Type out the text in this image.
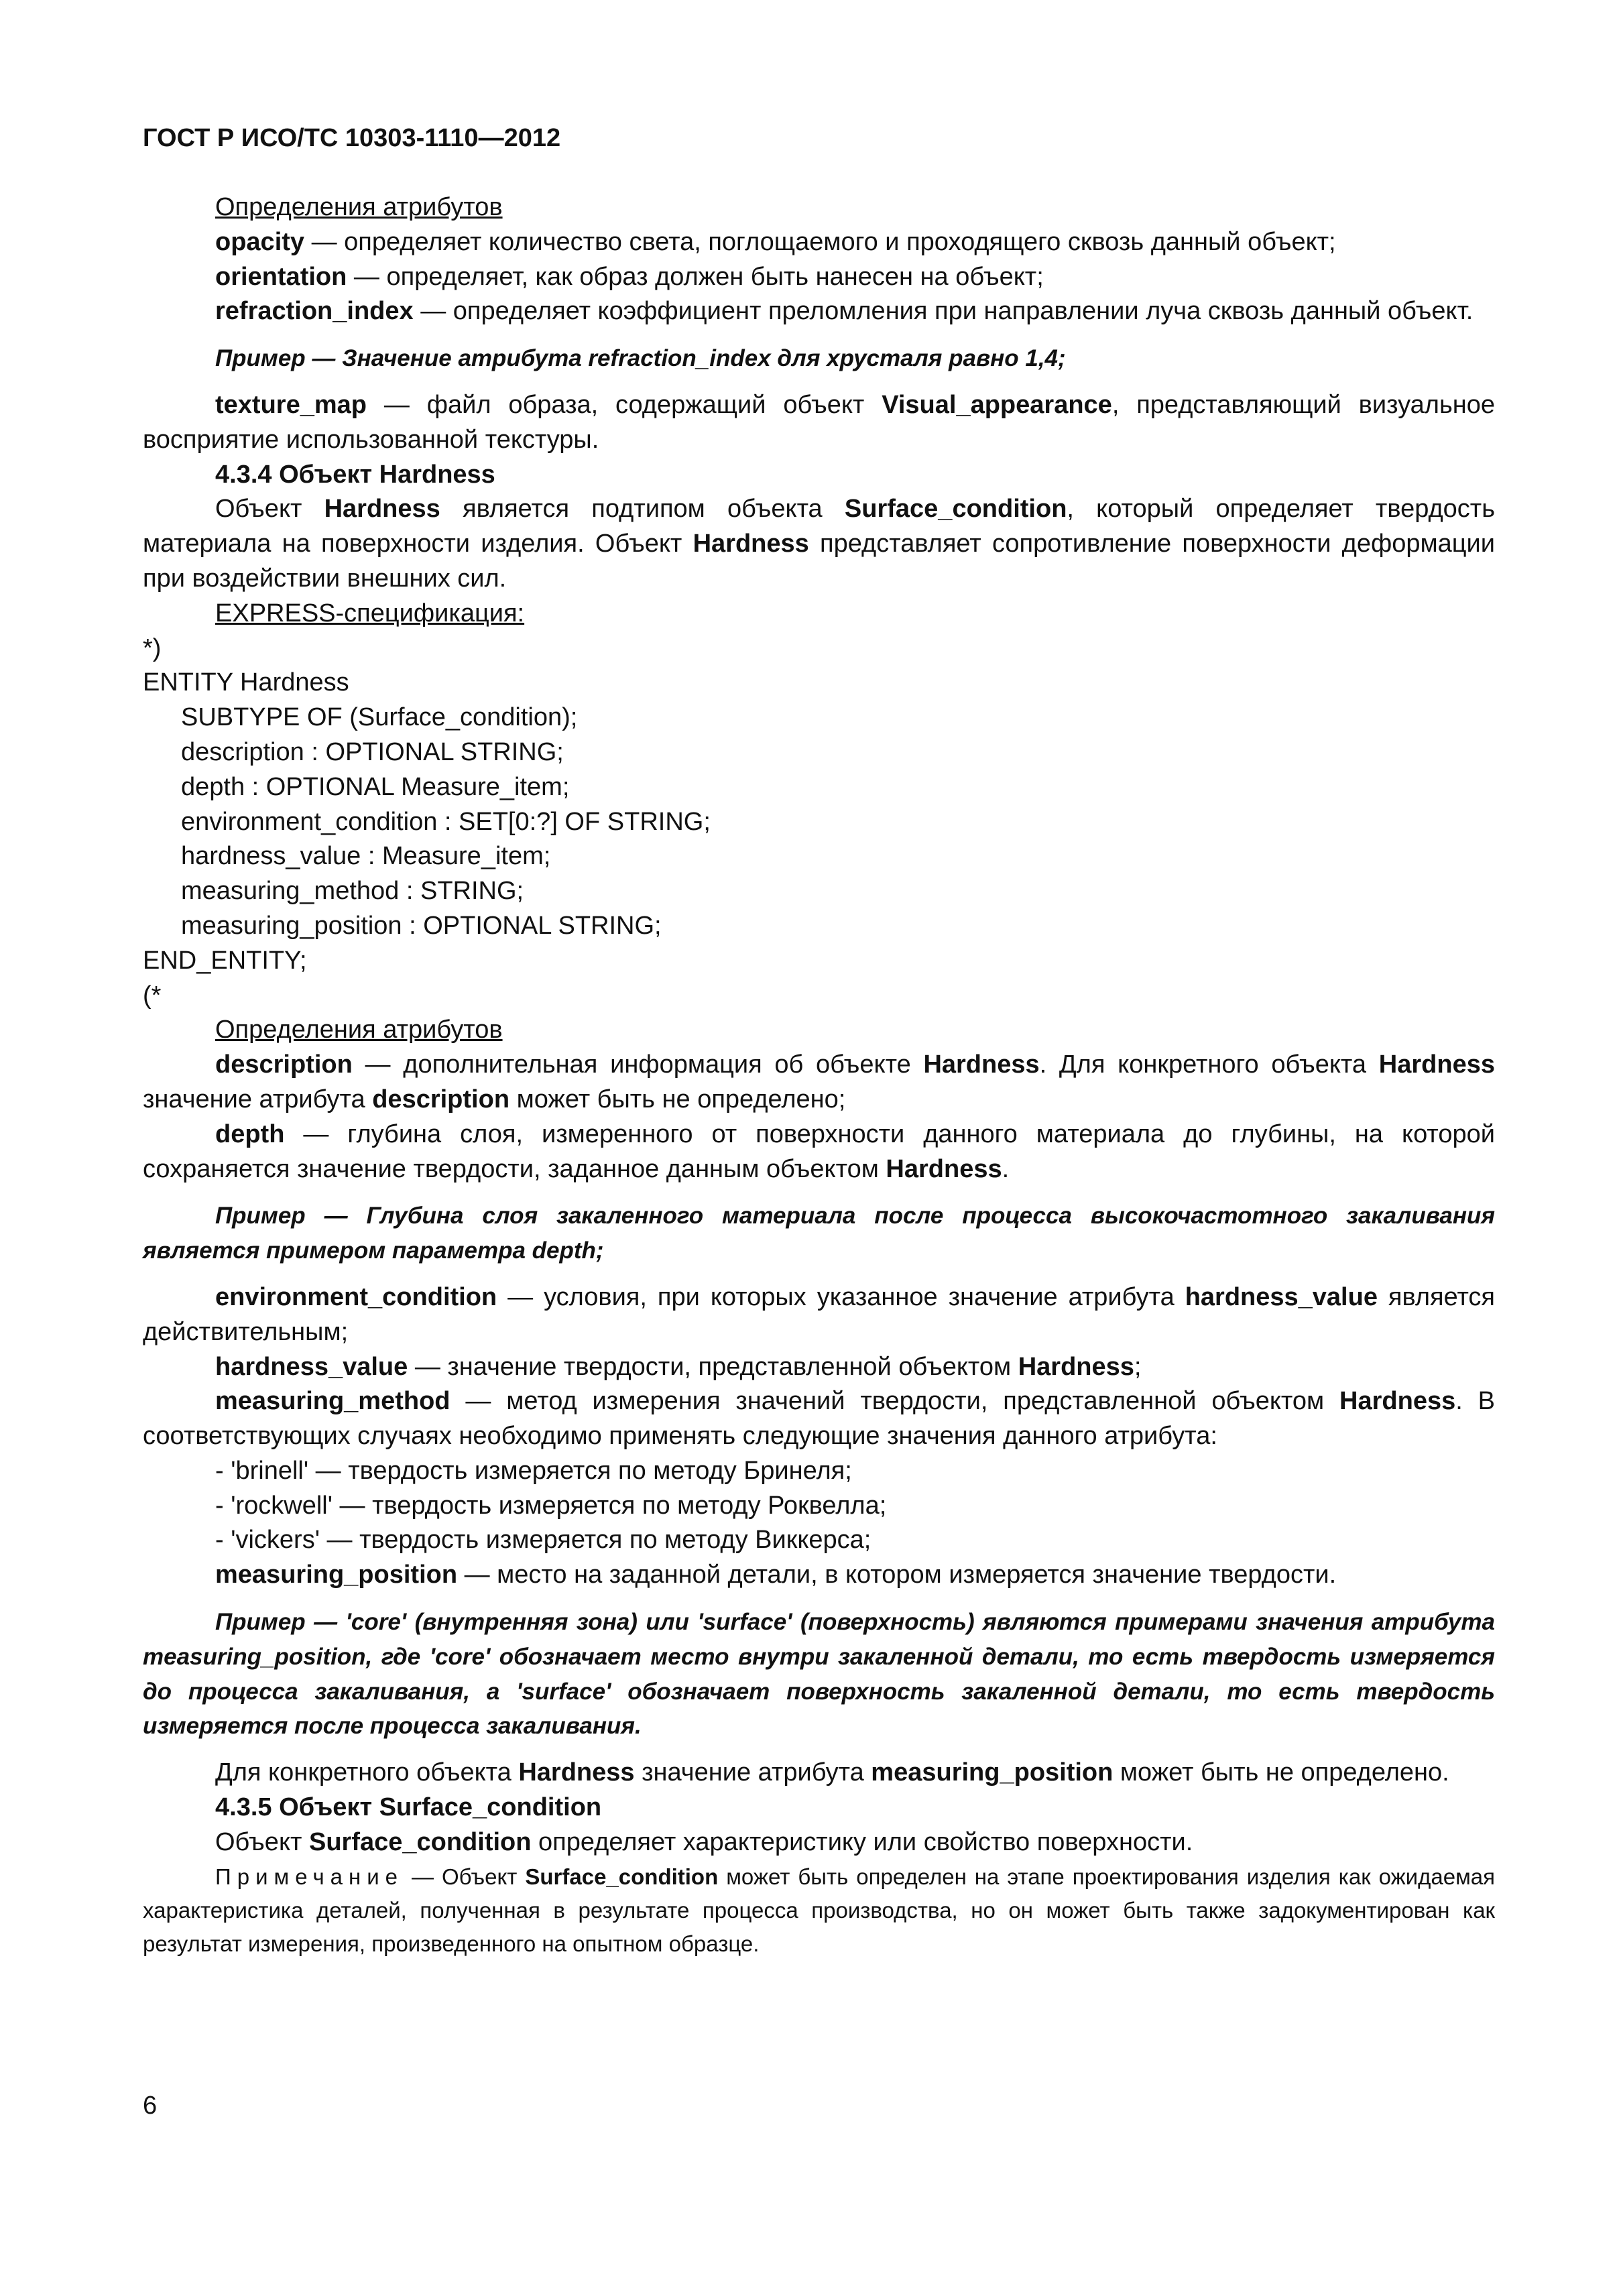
ГОСТ Р ИСО/ТС 10303-1110—2012

Определения атрибутов

opacity — определяет количество света, поглощаемого и проходящего сквозь данный объект;

orientation — определяет, как образ должен быть нанесен на объект;

refraction_index — определяет коэффициент преломления при направлении луча сквозь данный объект.

Пример — Значение атрибута refraction_index для хрусталя равно 1,4;

texture_map — файл образа, содержащий объект Visual_appearance, представляющий визуальное восприятие использованной текстуры.

4.3.4 Объект Hardness

Объект Hardness является подтипом объекта Surface_condition, который определяет твердость материала на поверхности изделия. Объект Hardness представляет сопротивление поверхности деформации при воздействии внешних сил.

EXPRESS-спецификация:

*)

ENTITY Hardness

SUBTYPE OF (Surface_condition);

description : OPTIONAL STRING;

depth : OPTIONAL Measure_item;

environment_condition : SET[0:?] OF STRING;

hardness_value : Measure_item;

measuring_method : STRING;

measuring_position : OPTIONAL STRING;

END_ENTITY;

(*

Определения атрибутов

description — дополнительная информация об объекте Hardness. Для конкретного объекта Hardness значение атрибута description может быть не определено;

depth — глубина слоя, измеренного от поверхности данного материала до глубины, на которой сохраняется значение твердости, заданное данным объектом Hardness.

Пример — Глубина слоя закаленного материала после процесса высокочастотного закаливания является примером параметра depth;

environment_condition — условия, при которых указанное значение атрибута hardness_value является действительным;

hardness_value — значение твердости, представленной объектом Hardness;

measuring_method — метод измерения значений твердости, представленной объектом Hardness. В соответствующих случаях необходимо применять следующие значения данного атрибута:

- 'brinell' — твердость измеряется по методу Бринеля;

- 'rockwell' — твердость измеряется по методу Роквелла;

- 'vickers' — твердость измеряется по методу Виккерса;

measuring_position — место на заданной детали, в котором измеряется значение твердости.

Пример — 'core' (внутренняя зона) или 'surface' (поверхность) являются примерами значения атрибута measuring_position, где 'core' обозначает место внутри закаленной детали, то есть твердость измеряется до процесса закаливания, а 'surface' обозначает поверхность закаленной детали, то есть твердость измеряется после процесса закаливания.

Для конкретного объекта Hardness значение атрибута measuring_position может быть не определено.

4.3.5 Объект Surface_condition

Объект Surface_condition определяет характеристику или свойство поверхности.

Примечание — Объект Surface_condition может быть определен на этапе проектирования изделия как ожидаемая характеристика деталей, полученная в результате процесса производства, но он может быть также задокументирован как результат измерения, произведенного на опытном образце.

6
